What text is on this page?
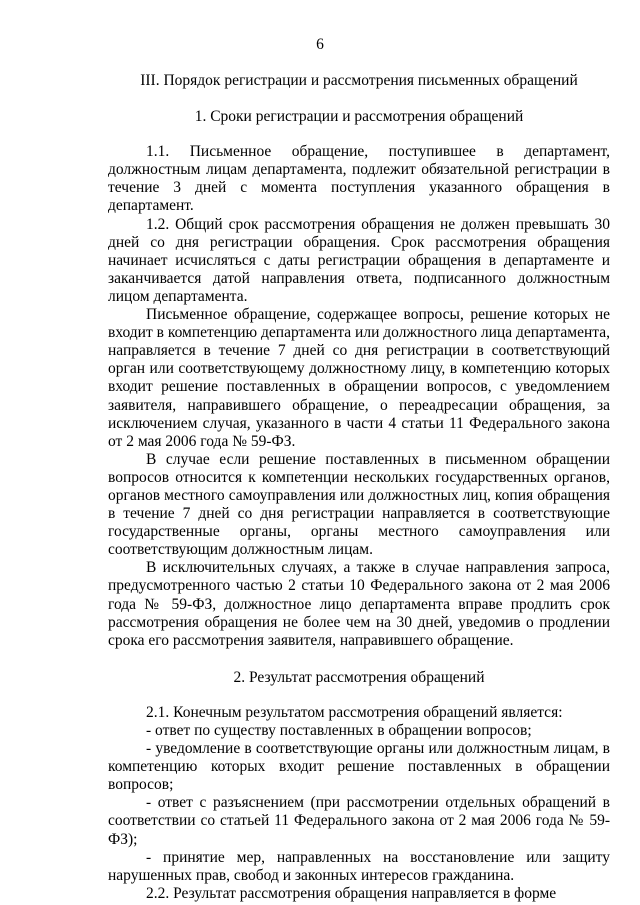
6

III. Порядок регистрации и рассмотрения письменных обращений

1. Сроки регистрации и рассмотрения обращений

1.1. Письменное обращение, поступившее в департамент, должностным лицам департамента, подлежит обязательной регистрации в течение 3 дней с момента поступления указанного обращения в департамент.

1.2. Общий срок рассмотрения обращения не должен превышать 30 дней со дня регистрации обращения. Срок рассмотрения обращения начинает исчисляться с даты регистрации обращения в департаменте и заканчивается датой направления ответа, подписанного должностным лицом департамента.

Письменное обращение, содержащее вопросы, решение которых не входит в компетенцию департамента или должностного лица департамента, направляется в течение 7 дней со дня регистрации в соответствующий орган или соответствующему должностному лицу, в компетенцию которых входит решение поставленных в обращении вопросов, с уведомлением заявителя, направившего обращение, о переадресации обращения, за исключением случая, указанного в части 4 статьи 11 Федерального закона от 2 мая 2006 года № 59-ФЗ.

В случае если решение поставленных в письменном обращении вопросов относится к компетенции нескольких государственных органов, органов местного самоуправления или должностных лиц, копия обращения в течение 7 дней со дня регистрации направляется в соответствующие государственные органы, органы местного самоуправления или соответствующим должностным лицам.

В исключительных случаях, а также в случае направления запроса, предусмотренного частью 2 статьи 10 Федерального закона от 2 мая 2006 года № 59-ФЗ, должностное лицо департамента вправе продлить срок рассмотрения обращения не более чем на 30 дней, уведомив о продлении срока его рассмотрения заявителя, направившего обращение.

2. Результат рассмотрения обращений

2.1. Конечным результатом рассмотрения обращений является:

- ответ по существу поставленных в обращении вопросов;

- уведомление в соответствующие органы или должностным лицам, в компетенцию которых входит решение поставленных в обращении вопросов;

- ответ с разъяснением (при рассмотрении отдельных обращений в соответствии со статьей 11 Федерального закона от 2 мая 2006 года № 59-ФЗ);

- принятие мер, направленных на восстановление или защиту нарушенных прав, свобод и законных интересов гражданина.

2.2. Результат рассмотрения обращения направляется в форме
